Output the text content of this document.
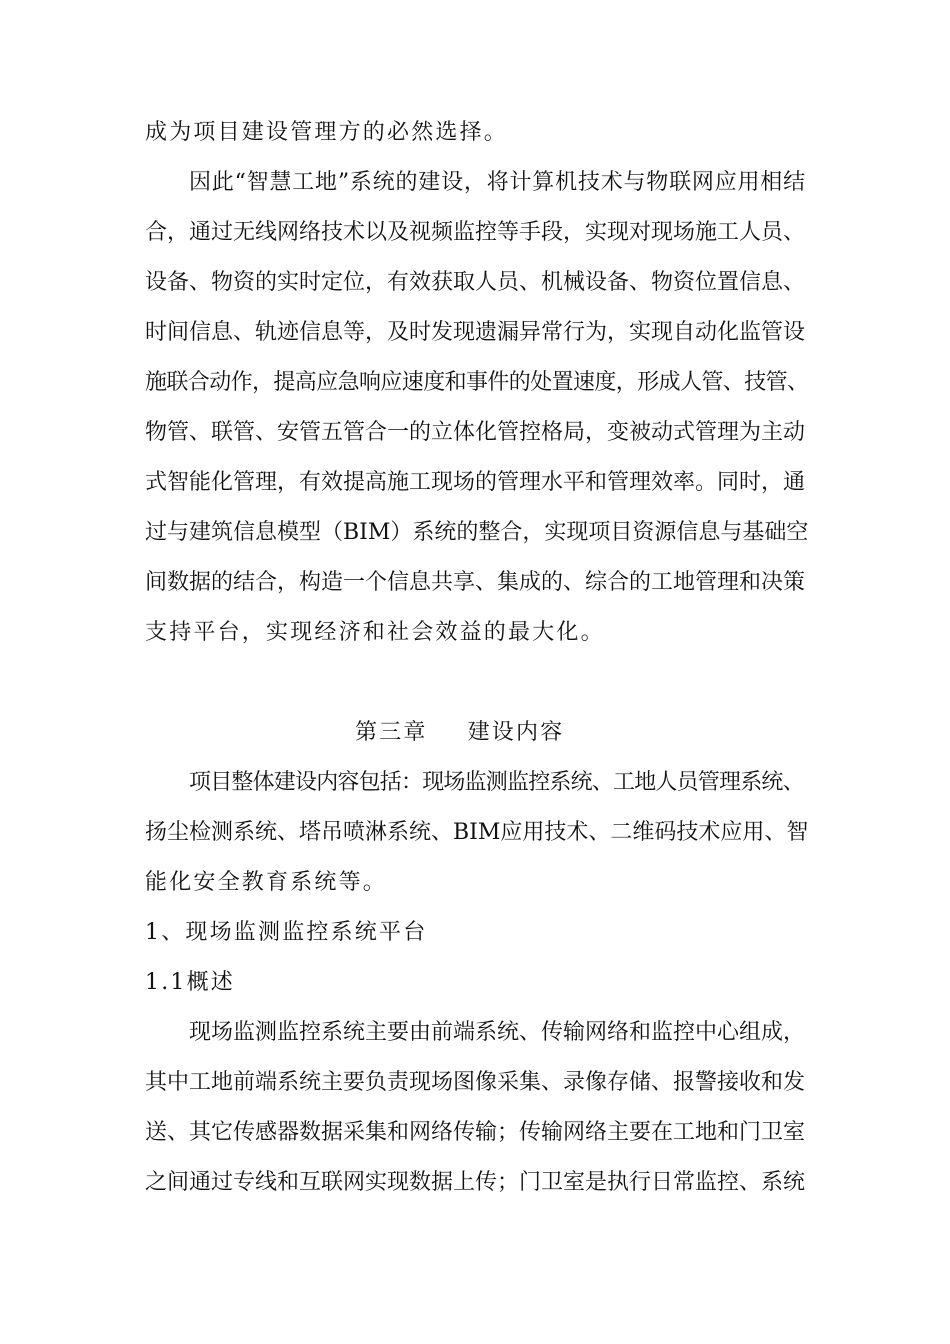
成为项目建设管理方的必然选择。
因此“智慧工地”系统的建设，将计算机技术与物联网应用相结
合，通过无线网络技术以及视频监控等手段，实现对现场施工人员、
设备、物资的实时定位，有效获取人员、机械设备、物资位置信息、
时间信息、轨迹信息等，及时发现遗漏异常行为，实现自动化监管设
施联合动作，提高应急响应速度和事件的处置速度，形成人管、技管、
物管、联管、安管五管合一的立体化管控格局，变被动式管理为主动
式智能化管理，有效提高施工现场的管理水平和管理效率。同时，通
过与建筑信息模型（BIM）系统的整合，实现项目资源信息与基础空
间数据的结合，构造一个信息共享、集成的、综合的工地管理和决策
支持平台，实现经济和社会效益的最大化。
第三章 建设内容
项目整体建设内容包括：现场监测监控系统、工地人员管理系统、
扬尘检测系统、塔吊喷淋系统、BIM应用技术、二维码技术应用、智
能化安全教育系统等。
1、现场监测监控系统平台
1.1概述
现场监测监控系统主要由前端系统、传输网络和监控中心组成，
其中工地前端系统主要负责现场图像采集、录像存储、报警接收和发
送、其它传感器数据采集和网络传输；传输网络主要在工地和门卫室
之间通过专线和互联网实现数据上传；门卫室是执行日常监控、系统
